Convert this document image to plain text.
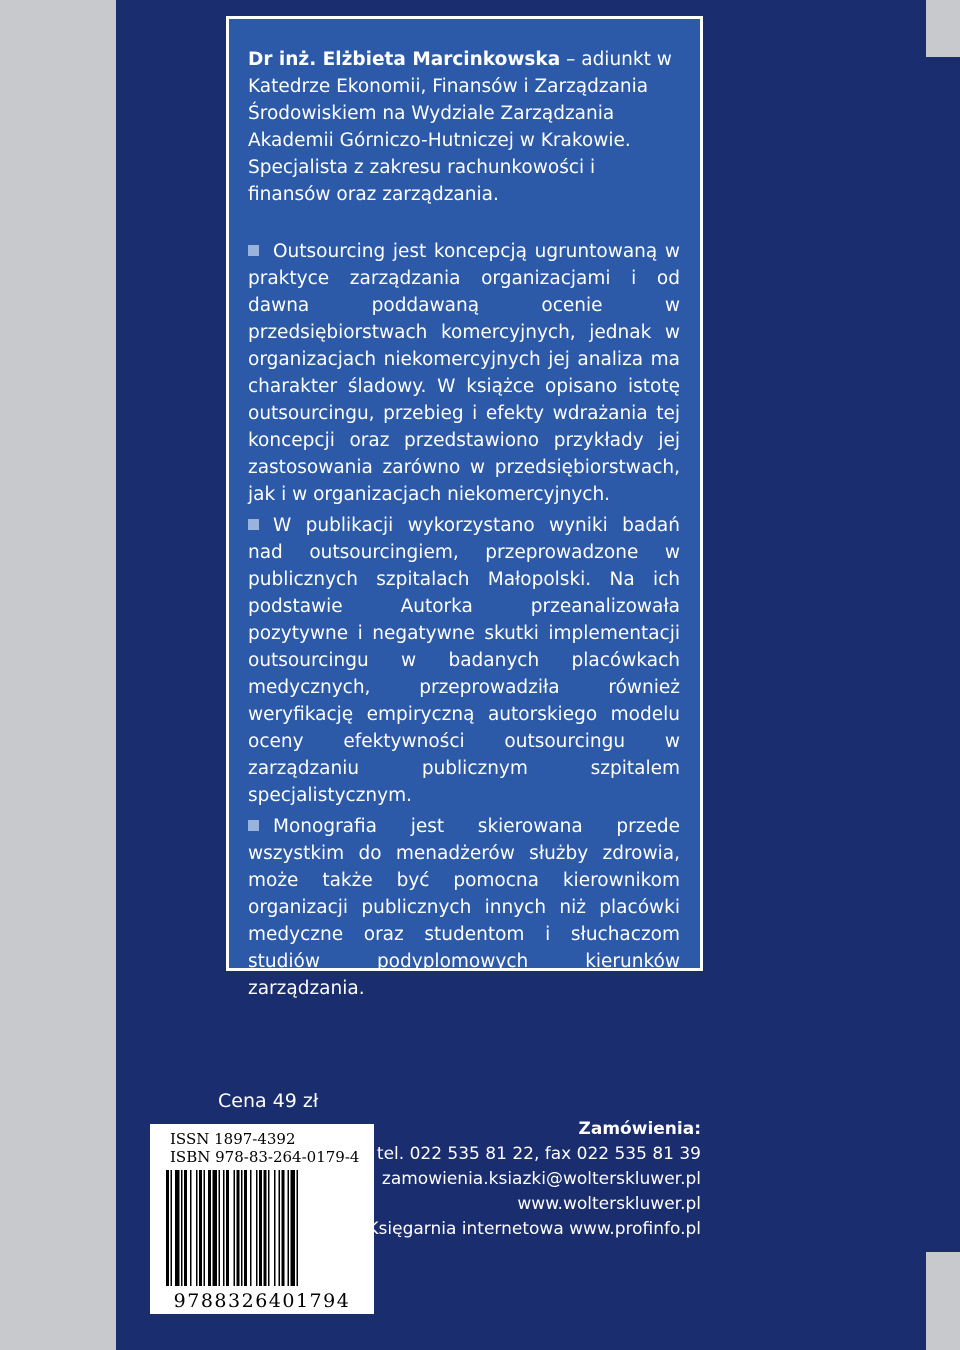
Dr inż. Elżbieta Marcinkowska – adiunkt w Katedrze Ekonomii, Finansów i Zarządzania Środowiskiem na Wydziale Zarządzania Akademii Górniczo-Hutniczej w Krakowie. Specjalista z zakresu rachunkowości i finansów oraz zarządzania.

Outsourcing jest koncepcją ugruntowaną w praktyce zarządzania organizacjami i od dawna poddawaną ocenie w przedsiębiorstwach komercyjnych, jednak w organizacjach niekomercyjnych jej analiza ma charakter śladowy. W książce opisano istotę outsourcingu, przebieg i efekty wdrażania tej koncepcji oraz przedstawiono przykłady jej zastosowania zarówno w przedsiębiorstwach, jak i w organizacjach niekomercyjnych.

W publikacji wykorzystano wyniki badań nad outsourcingiem, przeprowadzone w publicznych szpitalach Małopolski. Na ich podstawie Autorka przeanalizowała pozytywne i negatywne skutki implementacji outsourcingu w badanych placówkach medycznych, przeprowadziła również weryfikację empiryczną autorskiego modelu oceny efektywności outsourcingu w zarządzaniu publicznym szpitalem specjalistycznym.

Monografia jest skierowana przede wszystkim do menadżerów służby zdrowia, może także być pomocna kierownikom organizacji publicznych innych niż placówki medyczne oraz studentom i słuchaczom studiów podyplomowych kierunków zarządzania.

Cena 49 zł
ISSN 1897-4392
ISBN 978-83-264-0179-4
9788326401794
Zamówienia:
tel. 022 535 81 22, fax 022 535 81 39
zamowienia.ksiazki@wolterskluwer.pl
www.wolterskluwer.pl
Księgarnia internetowa www.profinfo.pl
